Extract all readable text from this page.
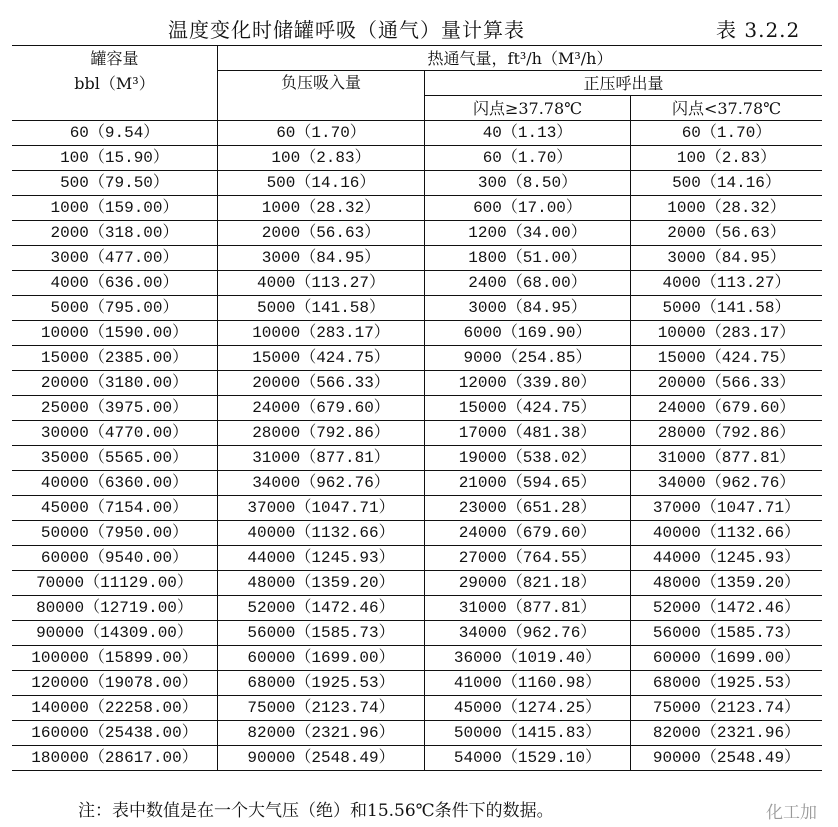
温度变化时储罐呼吸（通气）量计算表	表 3.2.2
罐容量
bbl（M³）	热通气量，ft³/h（M³/h）		
	负压吸入量	正压呼出量	
		闪点≥37.78℃	闪点<37.78℃
60（9.54）	60（1.70）	40（1.13）	60（1.70）
100（15.90）	100（2.83）	60（1.70）	100（2.83）
500（79.50）	500（14.16）	300（8.50）	500（14.16）
1000（159.00）	1000（28.32）	600（17.00）	1000（28.32）
2000（318.00）	2000（56.63）	1200（34.00）	2000（56.63）
3000（477.00）	3000（84.95）	1800（51.00）	3000（84.95）
4000（636.00）	4000（113.27）	2400（68.00）	4000（113.27）
5000（795.00）	5000（141.58）	3000（84.95）	5000（141.58）
10000（1590.00）	10000（283.17）	6000（169.90）	10000（283.17）
15000（2385.00）	15000（424.75）	9000（254.85）	15000（424.75）
20000（3180.00）	20000（566.33）	12000（339.80）	20000（566.33）
25000（3975.00）	24000（679.60）	15000（424.75）	24000（679.60）
30000（4770.00）	28000（792.86）	17000（481.38）	28000（792.86）
35000（5565.00）	31000（877.81）	19000（538.02）	31000（877.81）
40000（6360.00）	34000（962.76）	21000（594.65）	34000（962.76）
45000（7154.00）	37000（1047.71）	23000（651.28）	37000（1047.71）
50000（7950.00）	40000（1132.66）	24000（679.60）	40000（1132.66）
60000（9540.00）	44000（1245.93）	27000（764.55）	44000（1245.93）
70000（11129.00）	48000（1359.20）	29000（821.18）	48000（1359.20）
80000（12719.00）	52000（1472.46）	31000（877.81）	52000（1472.46）
90000（14309.00）	56000（1585.73）	34000（962.76）	56000（1585.73）
100000（15899.00）	60000（1699.00）	36000（1019.40）	60000（1699.00）
120000（19078.00）	68000（1925.53）	41000（1160.98）	68000（1925.53）
140000（22258.00）	75000（2123.74）	45000（1274.25）	75000（2123.74）
160000（25438.00）	82000（2321.96）	50000（1415.83）	82000（2321.96）
180000（28617.00）	90000（2548.49）	54000（1529.10）	90000（2548.49）
注：表中数值是在一个大气压（绝）和15.56℃条件下的数据。	化工加
